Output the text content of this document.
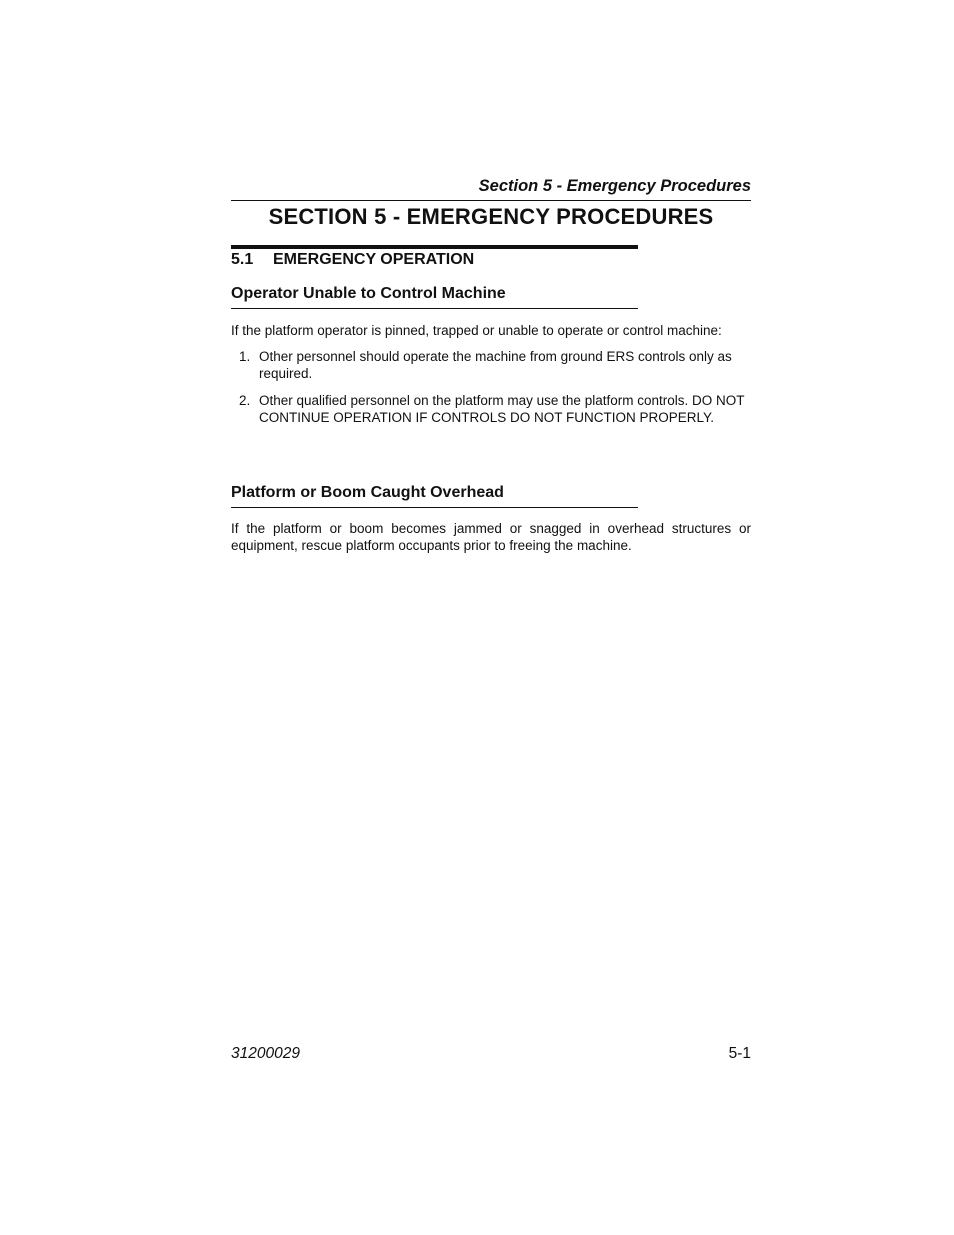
Section 5 - Emergency Procedures
SECTION 5 - EMERGENCY PROCEDURES
5.1 EMERGENCY OPERATION
Operator Unable to Control Machine
If the platform operator is pinned, trapped or unable to operate or control machine:
1. Other personnel should operate the machine from ground ERS controls only as required.
2. Other qualified personnel on the platform may use the platform controls. DO NOT CONTINUE OPERATION IF CONTROLS DO NOT FUNCTION PROPERLY.
Platform or Boom Caught Overhead
If the platform or boom becomes jammed or snagged in overhead structures or equipment, rescue platform occupants prior to freeing the machine.
31200029	5-1
